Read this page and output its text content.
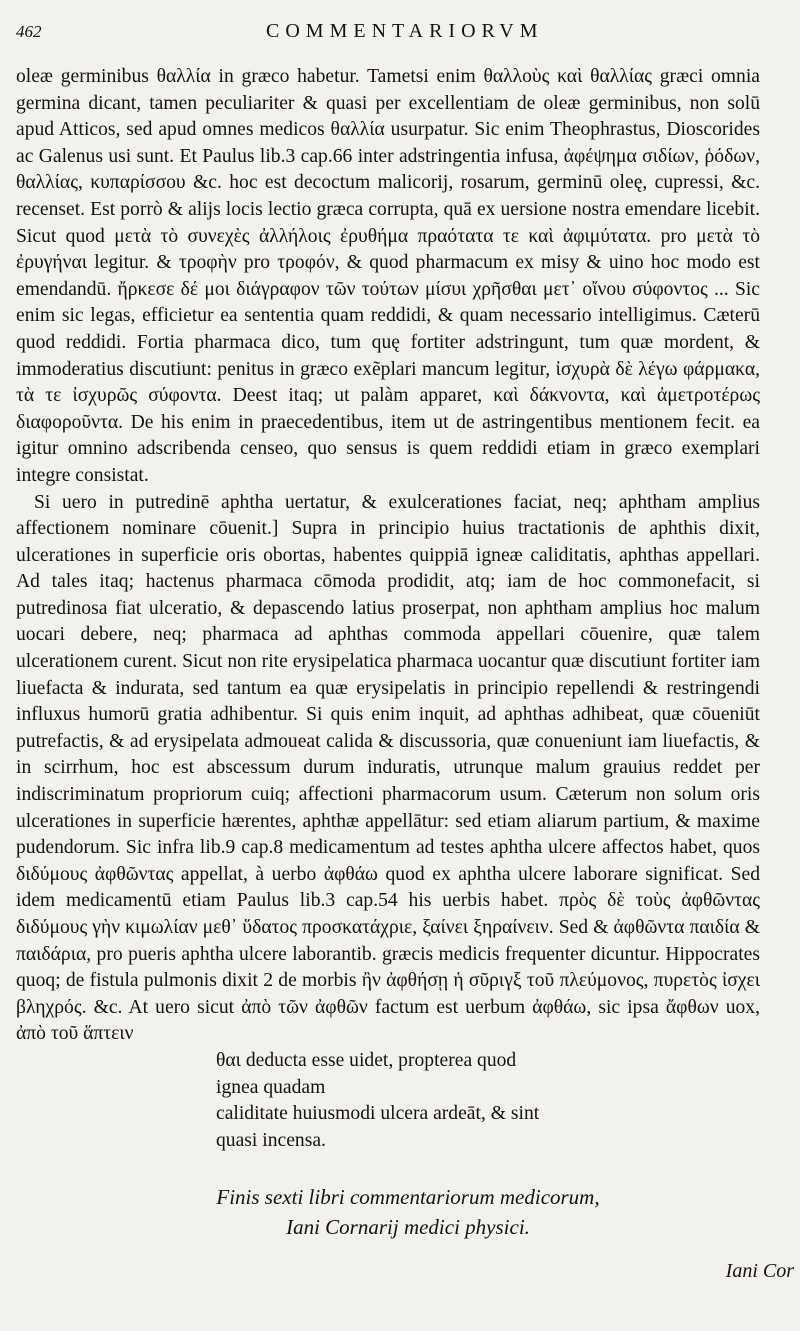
462	COMMENTARIORVM

oleæ germinibus θαλλία in græco habetur. Tametsi enim θαλλοὺς καὶ θαλλίας græci omnia germina dicant, tamen peculiariter & quasi per excellentiam de oleæ germinibus, non solū apud Atticos, sed apud omnes medicos θαλλία usurpatur. Sic enim Theophrastus, Dioscorides ac Galenus usi sunt. Et Paulus lib.3 cap.66 inter adstringentia infusa, ἀφέψημα σιδίων, ῥόδων, θαλλίας, κυπαρίσσου &c. hoc est decoctum malicorij, rosarum, germinū oleę, cupressi, &c. recenset. Est porrò & alijs locis lectio græca corrupta, quā ex uersione nostra emendare licebit. Sicut quod μετὰ τὸ συνεχὲς ἀλλήλοις ἐρυθήμα πραότατα τε καὶ ἀφιμύτατα. pro μετὰ τὸ ἐρυγήναι legitur. & τροφὴν pro τροφόν, & quod pharmacum ex misy & uino hoc modo est emendandū. ἤρκεσε δέ μοι διάγραφον τῶν τούτων μίσυι χρῆσθαι μετ᾽ οἴνου σύφοντος ... Sic enim sic legas, efficietur ea sententia quam reddidi, & quam necessario intelligimus. Cæterū quod reddidi. Fortia pharmaca dico, tum quę fortiter adstringunt, tum quæ mordent, & immoderatius discutiunt: penitus in græco exẽplari mancum legitur, ἰσχυρὰ δὲ λέγω φάρμακα, τὰ τε ἰσχυρῶς σύφοντα. Deest itaq; ut palàm apparet, καὶ δάκνοντα, καὶ ἀμετροτέρως διαφοροῦντα. De his enim in praecedentibus, item ut de astringentibus mentionem fecit. ea igitur omnino adscribenda censeo, quo sensus is quem reddidi etiam in græco exemplari integre consistat.

Si uero in putredinē aphtha uertatur, & exulcerationes faciat, neq; aphtham amplius affectionem nominare cōuenit.] Supra in principio huius tractationis de aphthis dixit, ulcerationes in superficie oris obortas, habentes quippiā igneæ caliditatis, aphthas appellari. Ad tales itaq; hactenus pharmaca cōmoda prodidit, atq; iam de hoc commonefacit, si putredinosa fiat ulceratio, & depascendo latius proserpat, non aphtham amplius hoc malum uocari debere, neq; pharmaca ad aphthas commoda appellari cōuenire, quæ talem ulcerationem curent. Sicut non rite erysipelatica pharmaca uocantur quæ discutiunt fortiter iam liuefacta & indurata, sed tantum ea quæ erysipelatis in principio repellendi & restringendi influxus humorū gratia adhibentur. Si quis enim inquit, ad aphthas adhibeat, quæ cōueniūt putrefactis, & ad erysipelata admoueat calida & discussoria, quæ conueniunt iam liuefactis, & in scirrhum, hoc est abscessum durum induratis, utrunque malum grauius reddet per indiscriminatum propriorum cuiq; affectioni pharmacorum usum. Cæterum non solum oris ulcerationes in superficie hærentes, aphthæ appellātur: sed etiam aliarum partium, & maxime pudendorum. Sic infra lib.9 cap.8 medicamentum ad testes aphtha ulcere affectos habet, quos διδύμους ἀφθῶντας appellat, à uerbo ἀφθάω quod ex aphtha ulcere laborare significat. Sed idem medicamentū etiam Paulus lib.3 cap.54 his uerbis habet. πρὸς δὲ τοὺς ἀφθῶντας διδύμους γὴν κιμωλίαν μεθ᾽ ὕδατος προσκατάχριε, ξαίνει ξηραίνειν. Sed & ἀφθῶντα παιδία & παιδάρια, pro pueris aphtha ulcere laborantib. græcis medicis frequenter dicuntur. Hippocrates quoq; de fistula pulmonis dixit 2 de morbis ἢν ἀφθήσῃ ἡ σῦριγξ τοῦ πλεύμονος, πυρετὸς ἰσχει βληχρός. &c. At uero sicut ἀπὸ τῶν ἀφθῶν factum est uerbum ἀφθάω, sic ipsa ἄφθων uox, ἀπὸ τοῦ ἅπτειν

θαι deducta esse uidet, propterea quod ignea quadam
caliditate huiusmodi ulcera ardeāt, & sint
quasi incensa.
Finis sexti libri commentariorum medicorum,
Iani Cornarij medici physici.
Iani Cor
